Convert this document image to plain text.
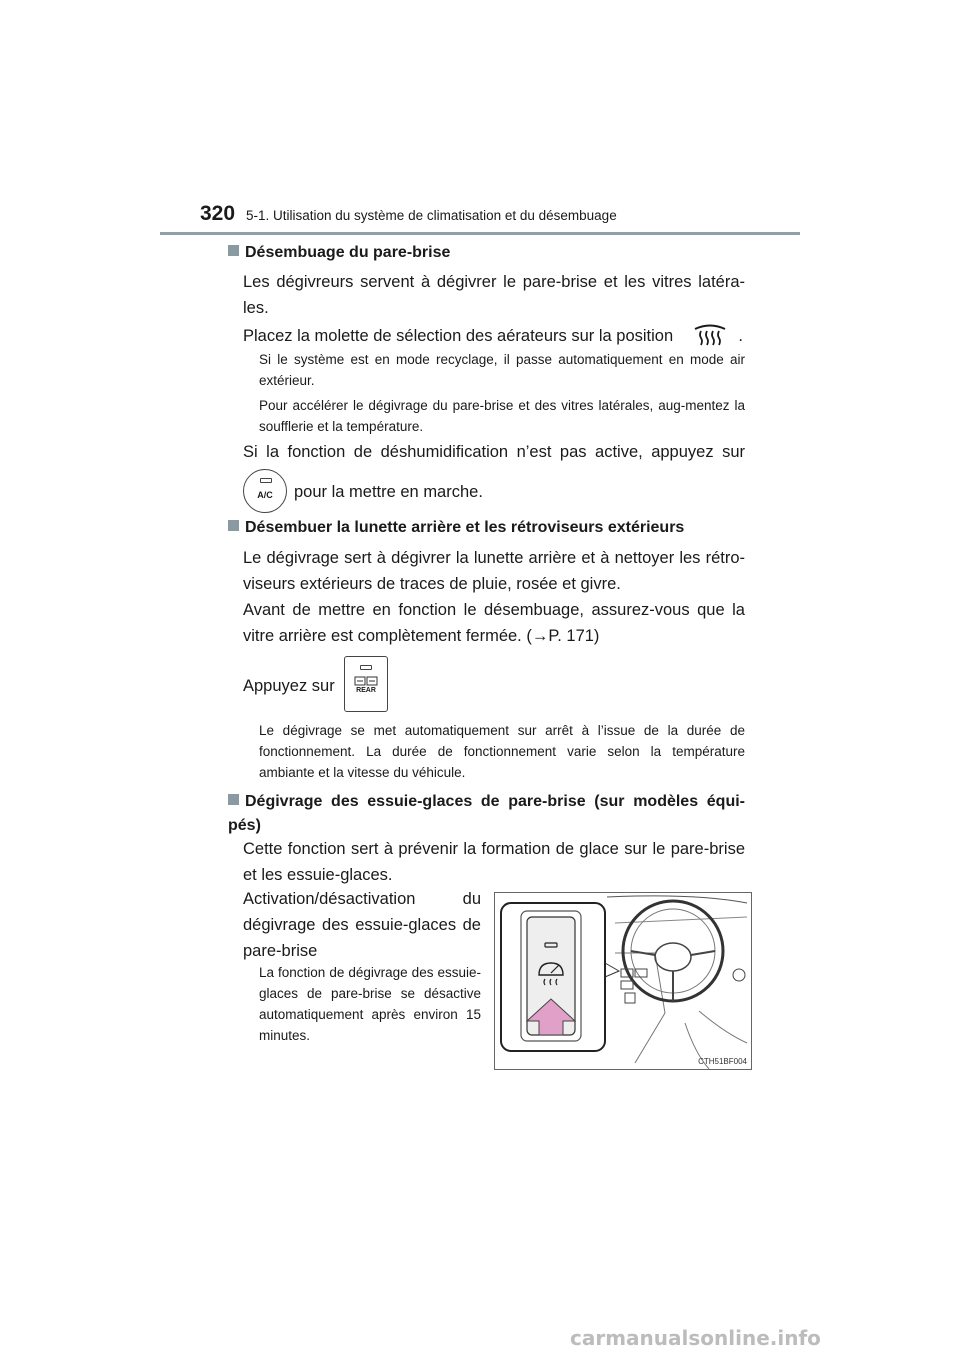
320 5-1. Utilisation du système de climatisation et du désembuage
Désembuage du pare-brise
Les dégivreurs servent à dégivrer le pare-brise et les vitres latéra-les.
Placez la molette de sélection des aérateurs sur la position	.
Si le système est en mode recyclage, il passe automatiquement en mode air extérieur.
Pour accélérer le dégivrage du pare-brise et des vitres latérales, aug-mentez la soufflerie et la température.
Si la fonction de déshumidification n’est pas active, appuyez sur
A/C	pour la mettre en marche.
Désembuer la lunette arrière et les rétroviseurs extérieurs
Le dégivrage sert à dégivrer la lunette arrière et à nettoyer les rétro-viseurs extérieurs de traces de pluie, rosée et givre.
Avant de mettre en fonction le désembuage, assurez-vous que la vitre arrière est complètement fermée. (→P. 171)
Appuyez sur	REAR
Le dégivrage se met automatiquement sur arrêt à l’issue de la durée de fonctionnement. La durée de fonctionnement varie selon la température ambiante et la vitesse du véhicule.
Dégivrage des essuie-glaces de pare-brise (sur modèles équi-pés)
Cette fonction sert à prévenir la formation de glace sur le pare-brise et les essuie-glaces.
Activation/désactivation du dégivrage des essuie-glaces de pare-brise
La fonction de dégivrage des essuie-glaces de pare-brise se désactive automatiquement après environ 15 minutes.
CTH51BF004
carmanualsonline.info
